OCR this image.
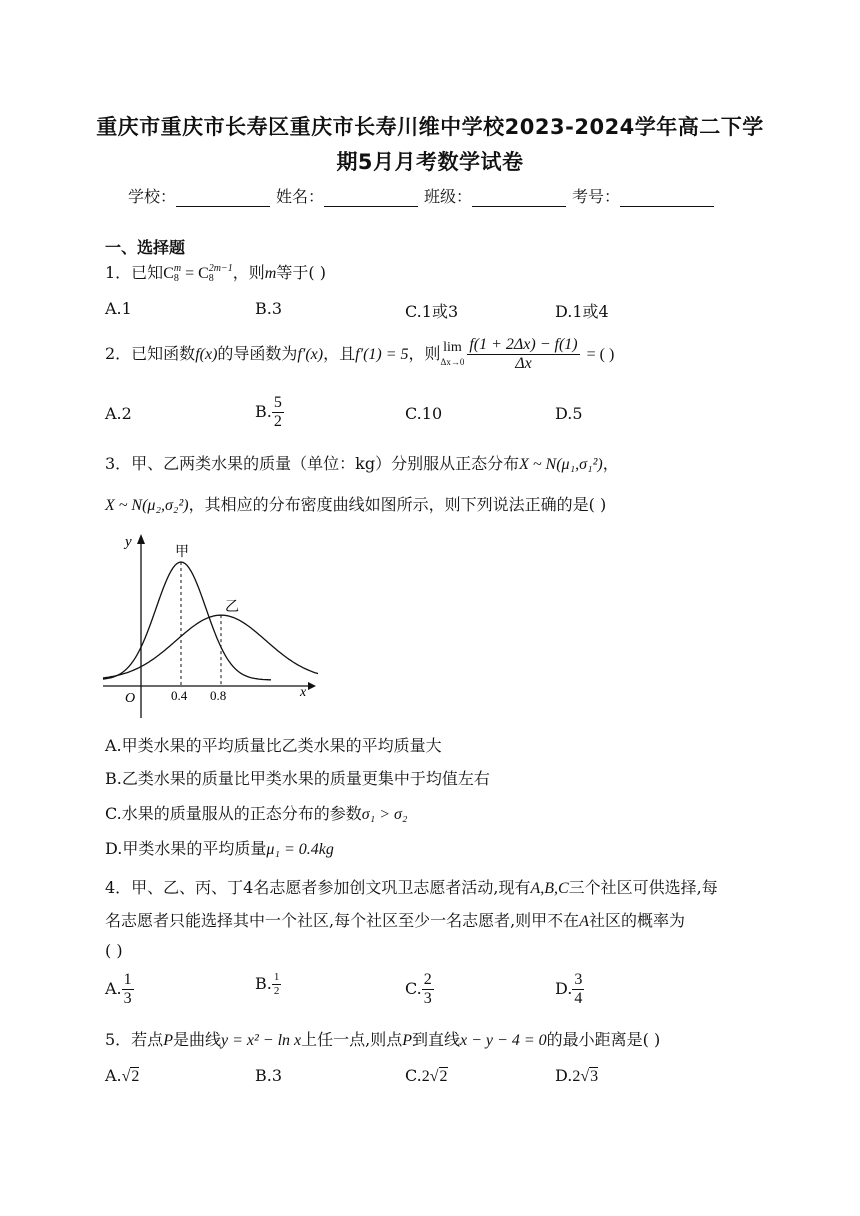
重庆市重庆市长寿区重庆市长寿川维中学校2023-2024学年高二下学
期5月月考数学试卷
学校：	姓名：	班级：	考号：
一、选择题
1．已知C m
8 = C 2m−1
8	，则m等于( )
A.1	B.3	C.1或3	D.1或4
2．已知函数f(x)的导函数为f′(x)，且f′(1) = 5，则 lim
$\Delta x\to 0 \frac{f(1 + 2\Delta x) - f(1)}{\Delta x}$ = ( )
A.2	B. $\frac{5}{2}$	C.10	D.5
3．甲、乙两类水果的质量（单位：kg）分别服从正态分布X ~ N(μ₁,σ₁²)，
X ~ N(μ₂,σ₂²)，其相应的分布密度曲线如图所示，则下列说法正确的是( )
y
x
O	0.4 0.8
甲
乙
A.甲类水果的平均质量比乙类水果的平均质量大
B.乙类水果的质量比甲类水果的质量更集中于均值左右
C.水果的质量服从的正态分布的参数σ₁ > σ₂
D.甲类水果的平均质量μ₁ = 0.4kg
4．甲、乙、丙、丁4名志愿者参加创文巩卫志愿者活动,现有A,B,C三个社区可供选择,每
名志愿者只能选择其中一个社区,每个社区至少一名志愿者,则甲不在A社区的概率为
( )
A. $\frac{1}{3}$	B. $\frac{1}{2}$	C. $\frac{2}{3}$	D. $\frac{3}{4}$
5．若点P是曲线y = x² − ln x上任一点,则点P到直线x − y − 4 = 0的最小距离是( )
A.√2	B.3	C.2√2	D.2√3
